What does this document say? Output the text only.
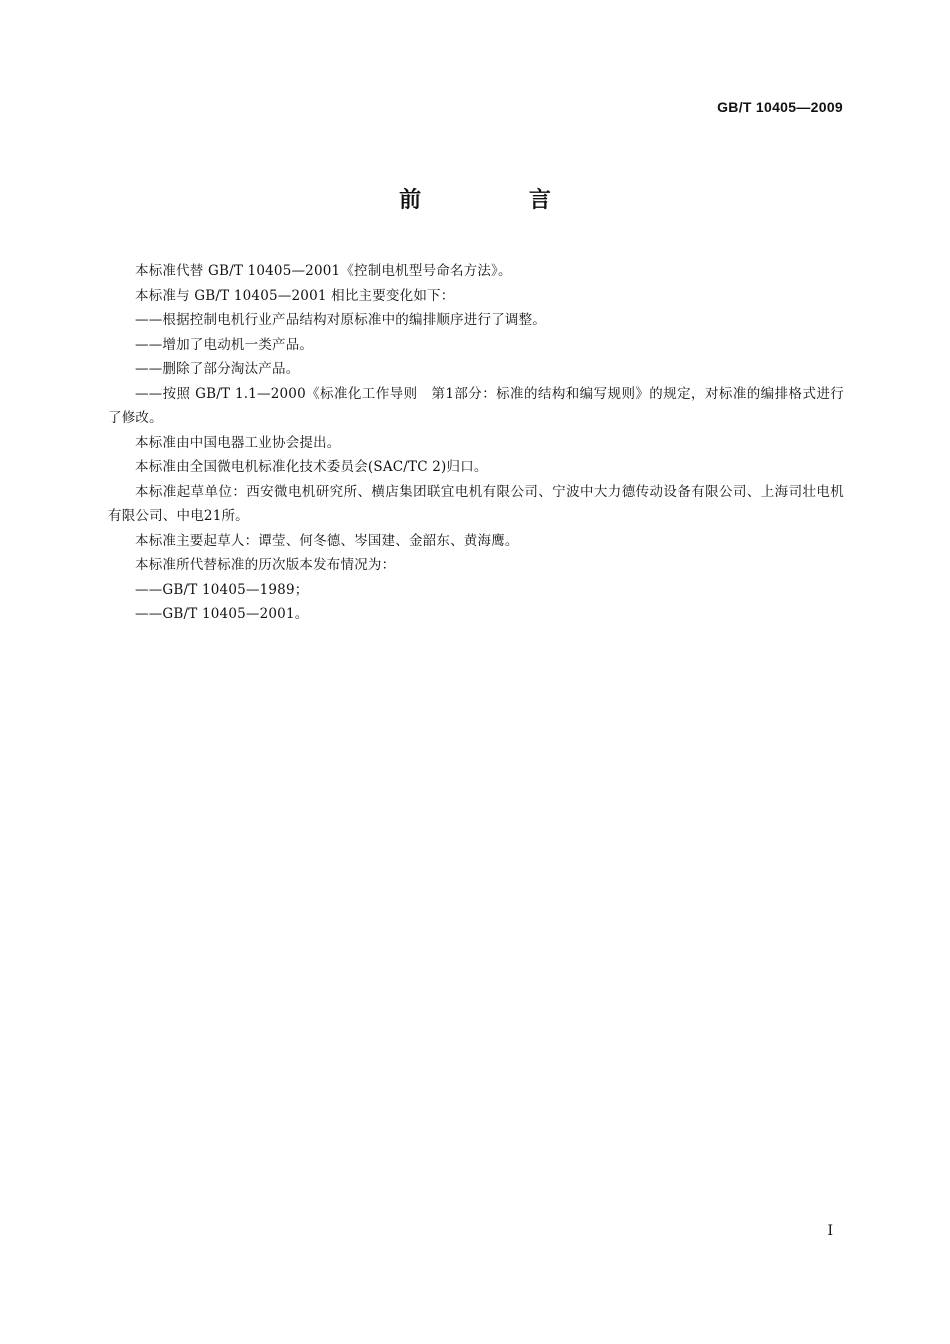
GB/T 10405—2009
前 言

本标准代替 GB/T 10405—2001《控制电机型号命名方法》。

本标准与 GB/T 10405—2001 相比主要变化如下：

——根据控制电机行业产品结构对原标准中的编排顺序进行了调整。

——增加了电动机一类产品。

——删除了部分淘汰产品。

——按照 GB/T 1.1—2000《标准化工作导则　第1部分：标准的结构和编写规则》的规定，对标准的编排格式进行了修改。

本标准由中国电器工业协会提出。

本标准由全国微电机标准化技术委员会(SAC/TC 2)归口。

本标准起草单位：西安微电机研究所、横店集团联宜电机有限公司、宁波中大力德传动设备有限公司、上海司壮电机有限公司、中电21所。

本标准主要起草人：谭莹、何冬德、岑国建、金韶东、黄海鹰。

本标准所代替标准的历次版本发布情况为：

——GB/T 10405—1989；

——GB/T 10405—2001。

I
